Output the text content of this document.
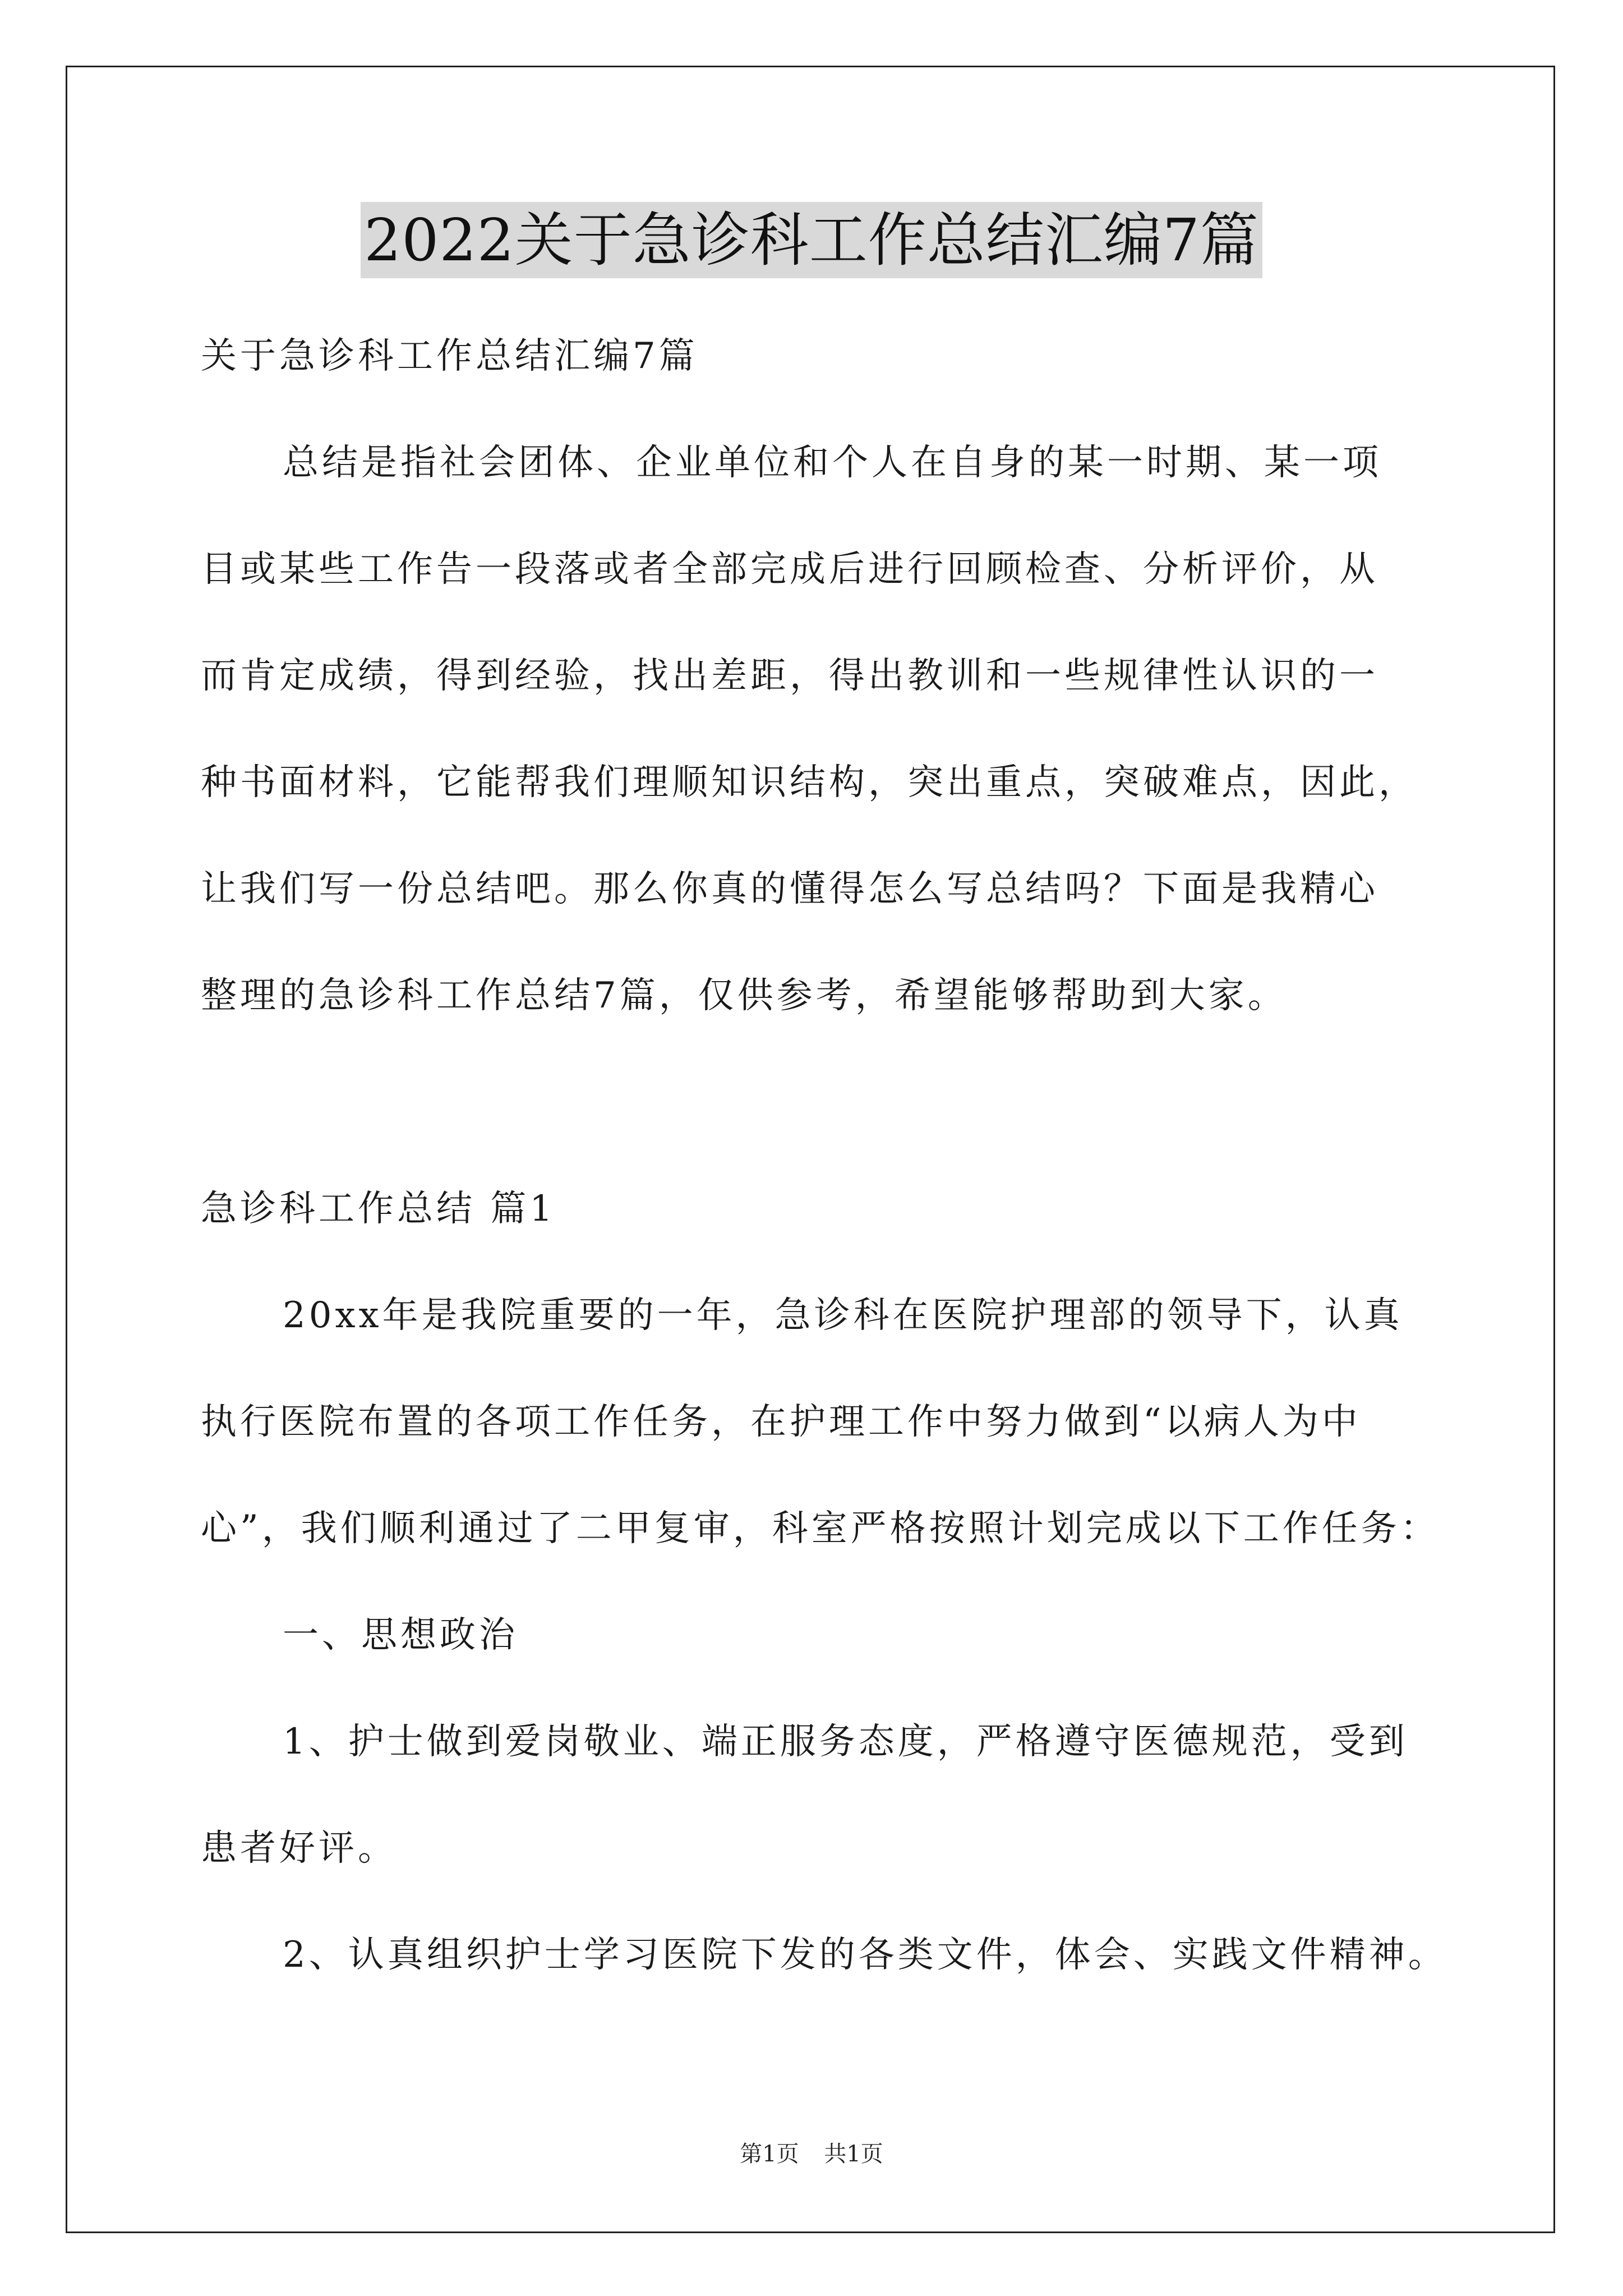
2022关于急诊科工作总结汇编7篇

关于急诊科工作总结汇编7篇

总结是指社会团体、企业单位和个人在自身的某一时期、某一项

目或某些工作告一段落或者全部完成后进行回顾检查、分析评价，从

而肯定成绩，得到经验，找出差距，得出教训和一些规律性认识的一

种书面材料，它能帮我们理顺知识结构，突出重点，突破难点，因此，

让我们写一份总结吧。那么你真的懂得怎么写总结吗？下面是我精心

整理的急诊科工作总结7篇，仅供参考，希望能够帮助到大家。

急诊科工作总结 篇1

20xx年是我院重要的一年，急诊科在医院护理部的领导下，认真

执行医院布置的各项工作任务，在护理工作中努力做到“以病人为中

心”，我们顺利通过了二甲复审，科室严格按照计划完成以下工作任务：

一、思想政治

1、护士做到爱岗敬业、端正服务态度，严格遵守医德规范，受到

患者好评。

2、认真组织护士学习医院下发的各类文件，体会、实践文件精神。

第1页 共1页
